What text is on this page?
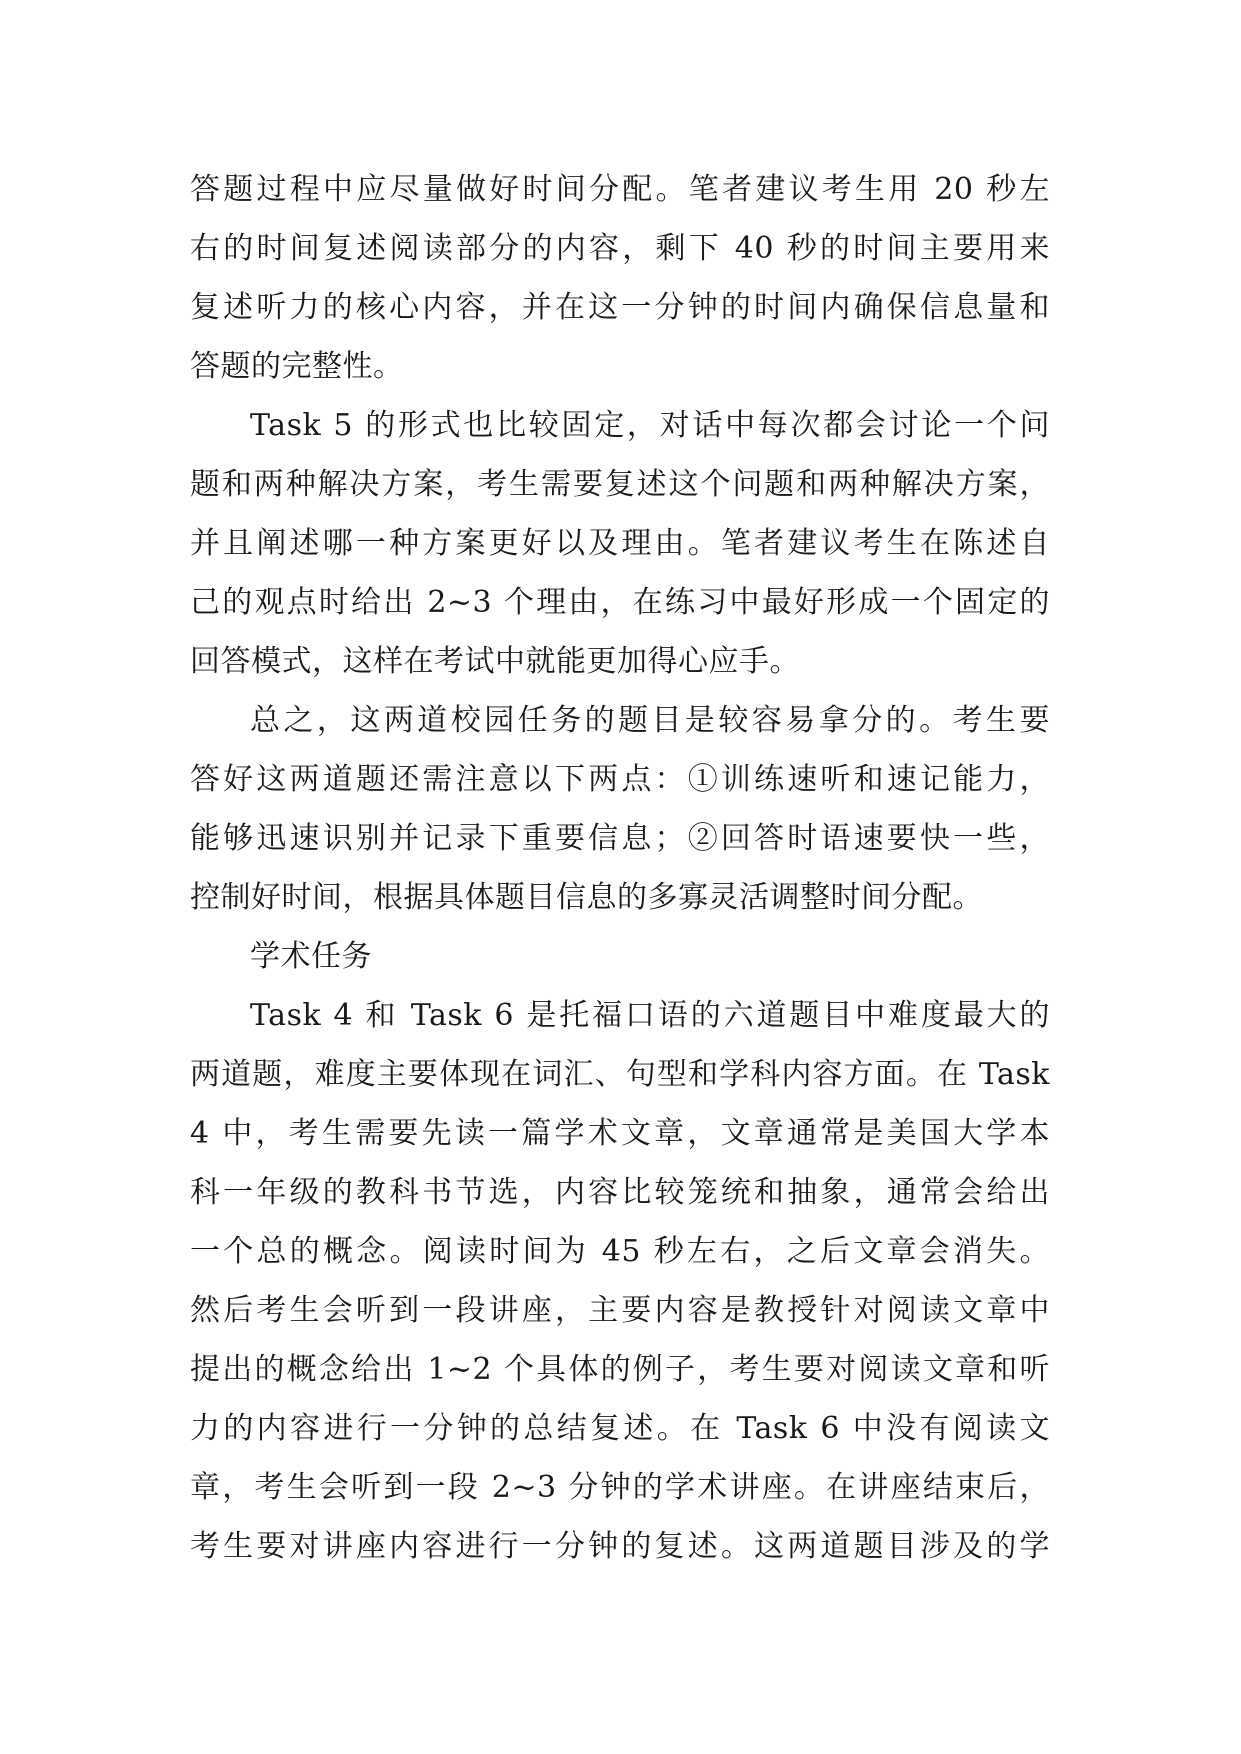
答题过程中应尽量做好时间分配。笔者建议考生用 20 秒左
右的时间复述阅读部分的内容，剩下 40 秒的时间主要用来
复述听力的核心内容，并在这一分钟的时间内确保信息量和
答题的完整性。
Task 5 的形式也比较固定，对话中每次都会讨论一个问
题和两种解决方案，考生需要复述这个问题和两种解决方案，
并且阐述哪一种方案更好以及理由。笔者建议考生在陈述自
己的观点时给出 2~3 个理由，在练习中最好形成一个固定的
回答模式，这样在考试中就能更加得心应手。
总之，这两道校园任务的题目是较容易拿分的。考生要
答好这两道题还需注意以下两点：①训练速听和速记能力，
能够迅速识别并记录下重要信息；②回答时语速要快一些，
控制好时间，根据具体题目信息的多寡灵活调整时间分配。
学术任务
Task 4 和 Task 6 是托福口语的六道题目中难度最大的
两道题，难度主要体现在词汇、句型和学科内容方面。在 Task
4 中，考生需要先读一篇学术文章，文章通常是美国大学本
科一年级的教科书节选，内容比较笼统和抽象，通常会给出
一个总的概念。阅读时间为 45 秒左右，之后文章会消失。
然后考生会听到一段讲座，主要内容是教授针对阅读文章中
提出的概念给出 1~2 个具体的例子，考生要对阅读文章和听
力的内容进行一分钟的总结复述。在 Task 6 中没有阅读文
章，考生会听到一段 2~3 分钟的学术讲座。在讲座结束后，
考生要对讲座内容进行一分钟的复述。这两道题目涉及的学
